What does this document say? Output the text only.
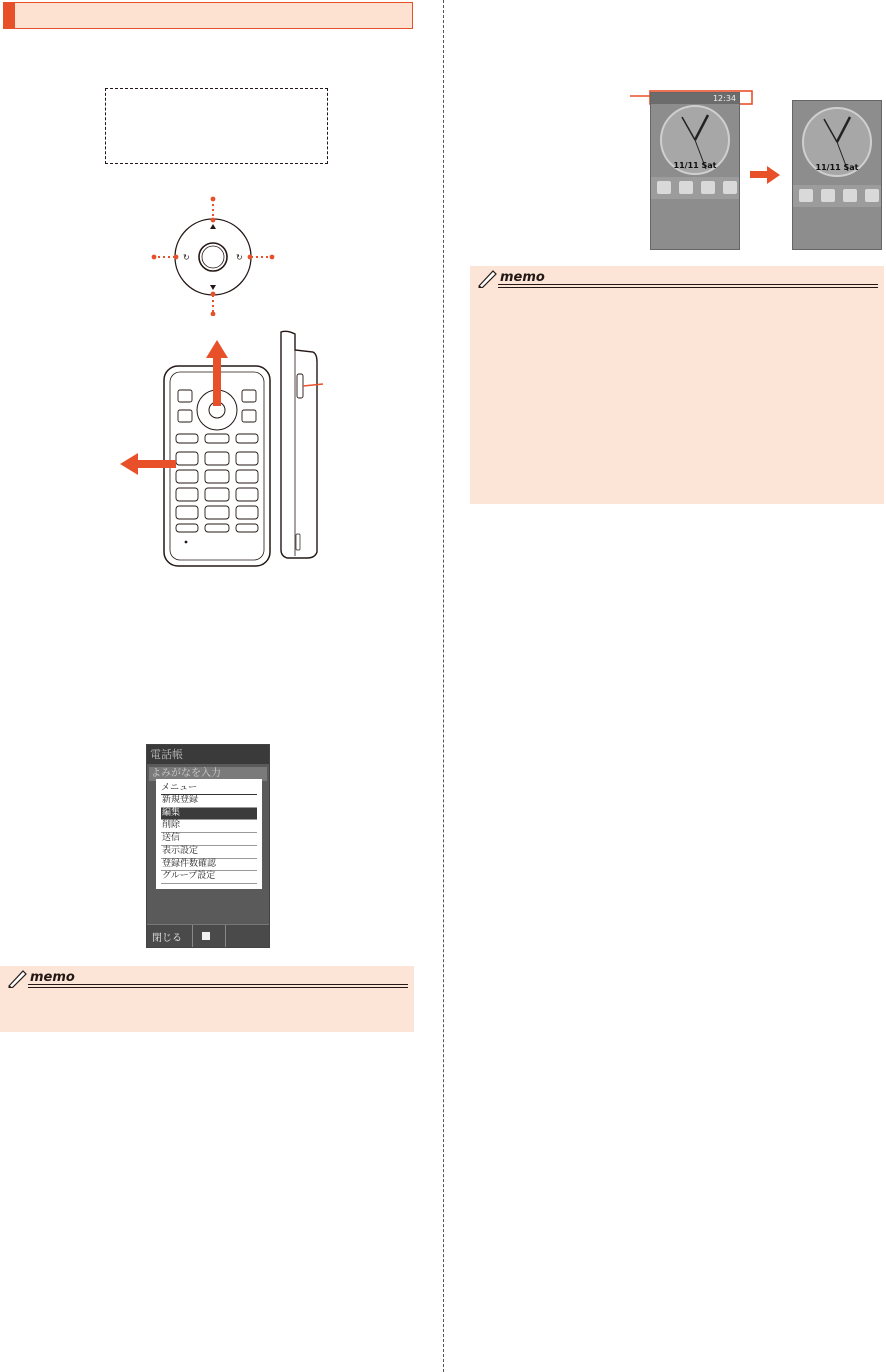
↻	↻
電話帳
よみがなを入力
メニュー
新規登録
編集
削除
送信
表示設定
登録件数確認
グループ設定
閉じる
memo
12:34
11/11 Sat	11/11 Sat
memo
